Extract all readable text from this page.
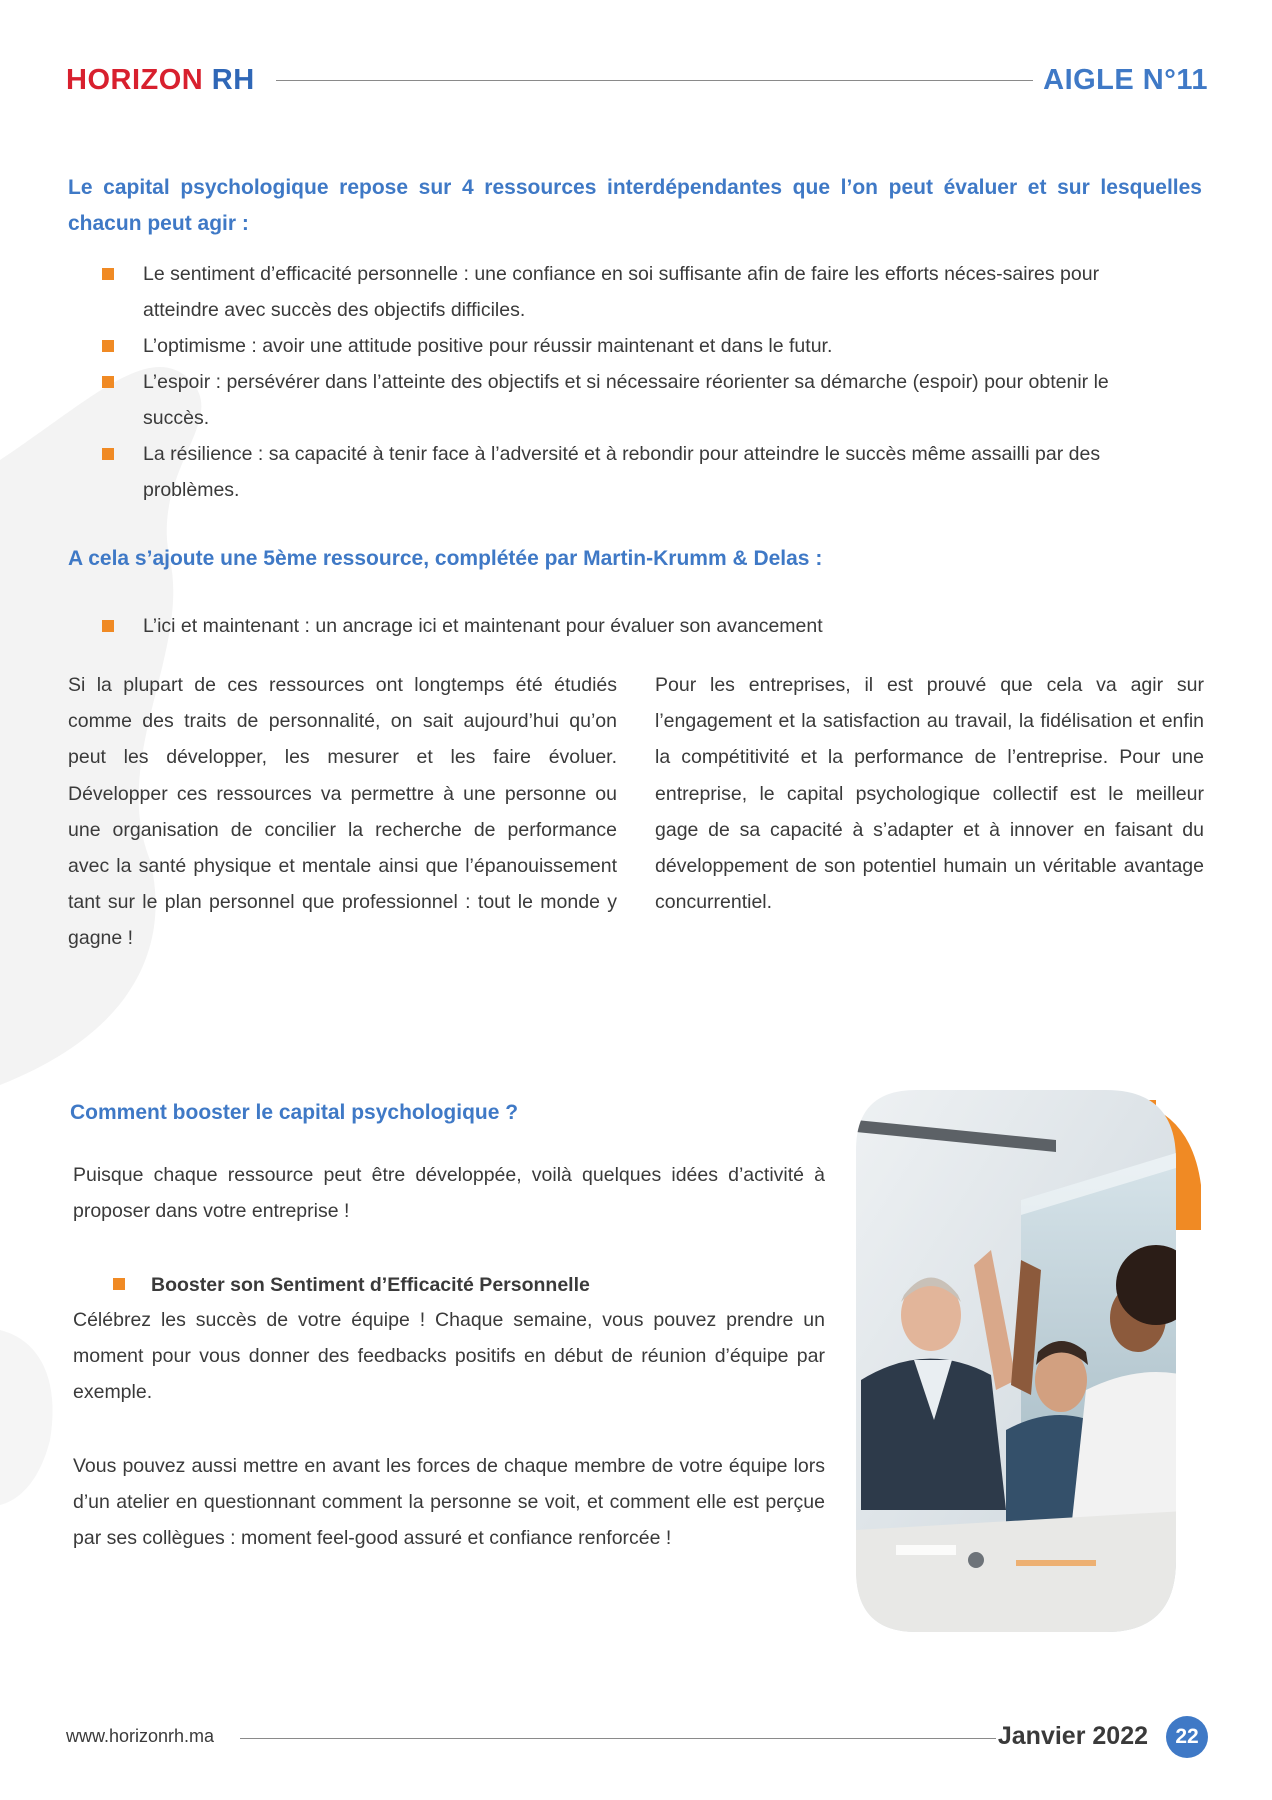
HORIZON RH	AIGLE N°11
Le capital psychologique repose sur 4 ressources interdépendantes que l’on peut évaluer et sur lesquelles chacun peut agir :
Le sentiment d’efficacité personnelle : une confiance en soi suffisante afin de faire les efforts néces-saires pour atteindre avec succès des objectifs difficiles.
L’optimisme : avoir une attitude positive pour réussir maintenant et dans le futur.
L’espoir : persévérer dans l’atteinte des objectifs et si nécessaire réorienter sa démarche (espoir) pour obtenir le succès.
La résilience : sa capacité à tenir face à l’adversité et à rebondir pour atteindre le succès même assailli par des problèmes.
A cela s’ajoute une 5ème ressource, complétée par Martin-Krumm & Delas :
L’ici et maintenant : un ancrage ici et maintenant pour évaluer son avancement
Si la plupart de ces ressources ont longtemps été étudiés comme des traits de personnalité, on sait aujourd’hui qu’on peut les développer, les mesurer et les faire évoluer. Développer ces ressources va permettre à une personne ou une organisation de concilier la recherche de performance avec la santé physique et mentale ainsi que l’épanouissement tant sur le plan personnel que professionnel : tout le monde y gagne !
Pour les entreprises, il est prouvé que cela va agir sur l’engagement et la satisfaction au travail, la fidélisation et enfin la compétitivité et la performance de l’entreprise. Pour une entreprise, le capital psychologique collectif est le meilleur gage de sa capacité à s’adapter et à innover en faisant du développement de son potentiel humain un véritable avantage concurrentiel.
Comment booster le capital psychologique ?
Puisque chaque ressource peut être développée, voilà quelques idées d’activité à proposer dans votre entreprise !
Booster son Sentiment d’Efficacité Personnelle
Célébrez les succès de votre équipe ! Chaque semaine, vous pouvez prendre un moment pour vous donner des feedbacks positifs en début de réunion d’équipe par exemple.
Vous pouvez aussi mettre en avant les forces de chaque membre de votre équipe lors d’un atelier en questionnant comment la personne se voit, et comment elle est perçue par ses collègues : moment feel-good assuré et confiance renforcée !
www.horizonrh.ma	Janvier 2022	22
